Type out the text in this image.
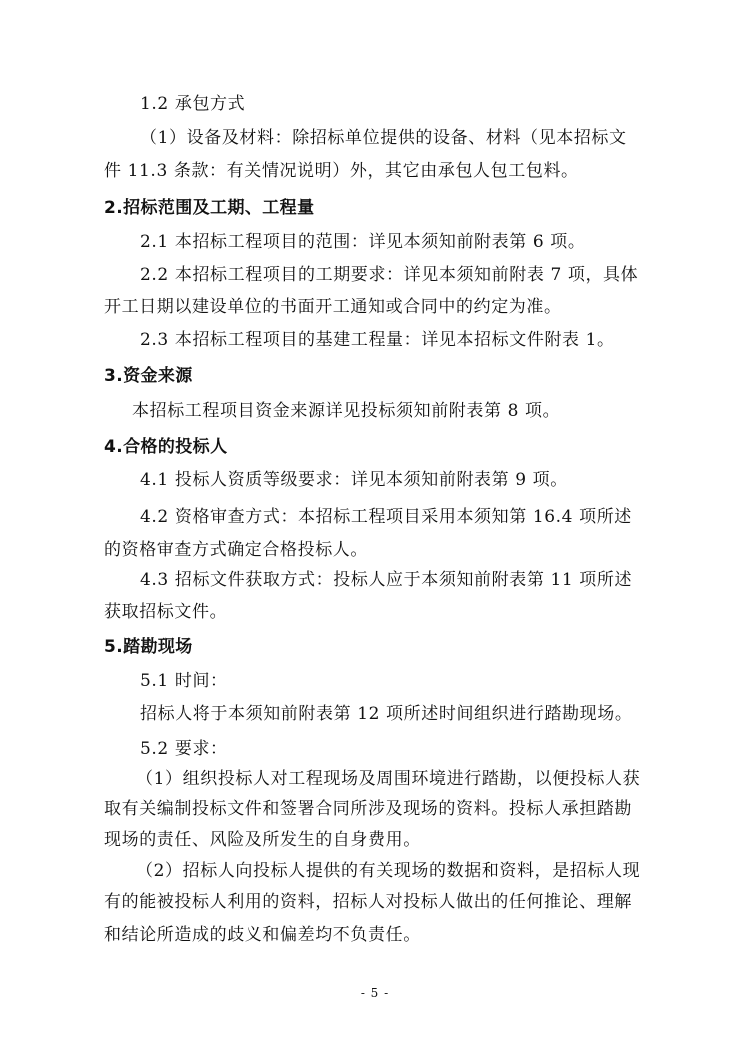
1.2 承包方式
（1）设备及材料：除招标单位提供的设备、材料（见本招标文
件 11.3 条款：有关情况说明）外，其它由承包人包工包料。
2.招标范围及工期、工程量
2.1 本招标工程项目的范围：详见本须知前附表第 6 项。
2.2 本招标工程项目的工期要求：详见本须知前附表 7 项，具体
开工日期以建设单位的书面开工通知或合同中的约定为准。
2.3 本招标工程项目的基建工程量：详见本招标文件附表 1。
3.资金来源
本招标工程项目资金来源详见投标须知前附表第 8 项。
4.合格的投标人
4.1 投标人资质等级要求：详见本须知前附表第 9 项。
4.2 资格审查方式：本招标工程项目采用本须知第 16.4 项所述
的资格审查方式确定合格投标人。
4.3 招标文件获取方式：投标人应于本须知前附表第 11 项所述
获取招标文件。
5.踏勘现场
5.1 时间：
招标人将于本须知前附表第 12 项所述时间组织进行踏勘现场。
5.2 要求：
（1）组织投标人对工程现场及周围环境进行踏勘，以便投标人获
取有关编制投标文件和签署合同所涉及现场的资料。投标人承担踏勘
现场的责任、风险及所发生的自身费用。
（2）招标人向投标人提供的有关现场的数据和资料，是招标人现
有的能被投标人利用的资料，招标人对投标人做出的任何推论、理解
和结论所造成的歧义和偏差均不负责任。
- 5 -
